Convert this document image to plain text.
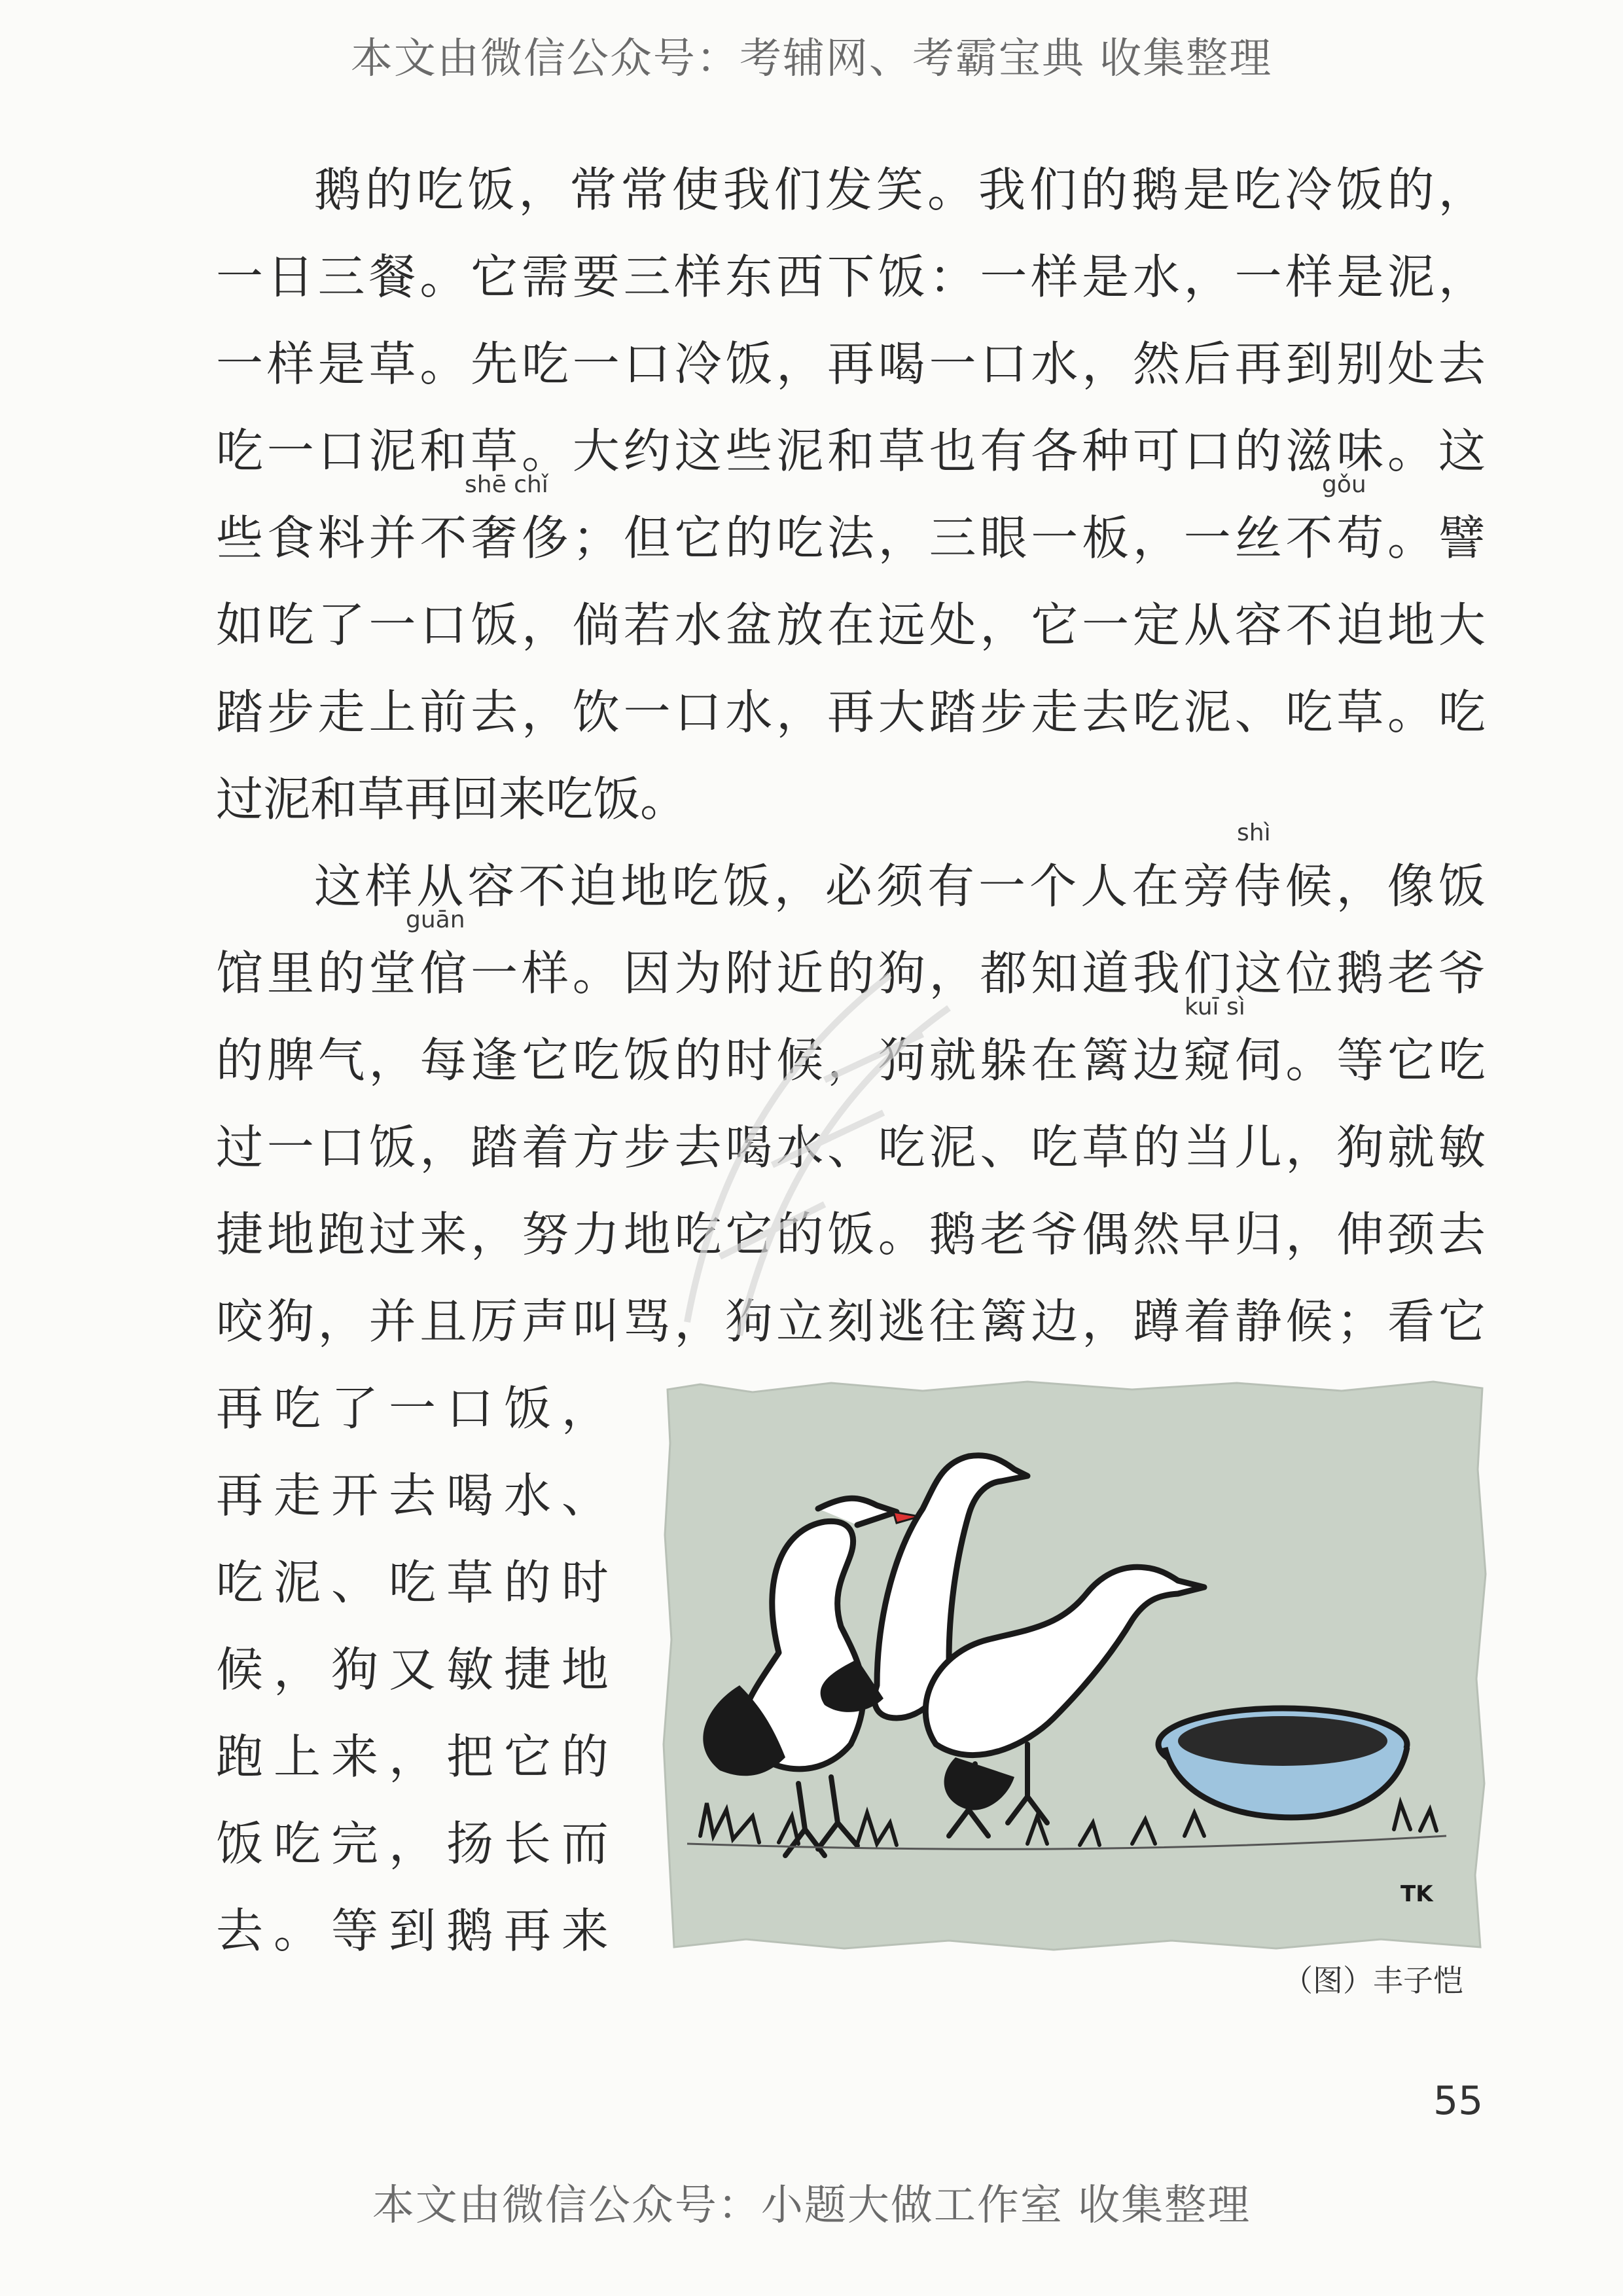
本文由微信公众号：考辅网、考霸宝典 收集整理
鹅 的 吃 饭 ， 常 常 使 我 们 发 笑 。 我 们 的 鹅 是 吃 冷 饭 的 ，
一 日 三 餐 。 它 需 要 三 样 东 西 下 饭 ： 一 样 是 水 ， 一 样 是 泥 ，
一 样 是 草 。 先 吃 一 口 冷 饭 ， 再 喝 一 口 水 ， 然 后 再 到 别 处 去
吃 一 口 泥 和 草 。 大 约 这 些 泥 和 草 也 有 各 种 可 口 的 滋 味 。 这
些 食 料 并 不 奢 侈 ； 但 它 的 吃 法 ， 三 眼 一 板 ， 一 丝 不 苟 。 譬
如 吃 了 一 口 饭 ， 倘 若 水 盆 放 在 远 处 ， 它 一 定 从 容 不 迫 地 大
踏 步 走 上 前 去 ， 饮 一 口 水 ， 再 大 踏 步 走 去 吃 泥 、 吃 草 。 吃
过泥和草再回来吃饭。
这 样 从 容 不 迫 地 吃 饭 ， 必 须 有 一 个 人 在 旁 侍 候 ， 像 饭
馆 里 的 堂 倌 一 样 。 因 为 附 近 的 狗 ， 都 知 道 我 们 这 位 鹅 老 爷
的 脾 气 ， 每 逢 它 吃 饭 的 时 候 ， 狗 就 躲 在 篱 边 窥 伺 。 等 它 吃
过 一 口 饭 ， 踏 着 方 步 去 喝 水 、 吃 泥 、 吃 草 的 当 儿 ， 狗 就 敏
捷 地 跑 过 来 ， 努 力 地 吃 它 的 饭 。 鹅 老 爷 偶 然 早 归 ， 伸 颈 去
咬 狗 ， 并 且 厉 声 叫 骂 ， 狗 立 刻 逃 往 篱 边 ， 蹲 着 静 候 ； 看 它
再 吃 了 一 口 饭 ，
再 走 开 去 喝 水 、
吃 泥 、 吃 草 的 时
候 ， 狗 又 敏 捷 地
跑 上 来 ， 把 它 的
饭 吃 完 ， 扬 长 而
去 。 等 到 鹅 再 来
shē chǐ	gǒu
shì
guān
kuī sì
TK
（图）丰子恺
55
本文由微信公众号：小题大做工作室 收集整理
